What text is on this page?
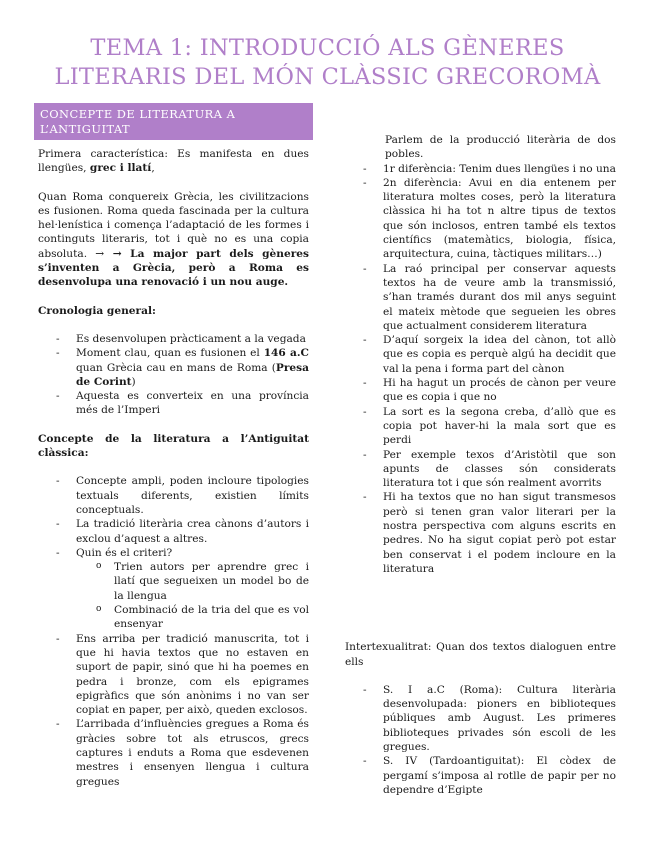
TEMA 1: INTRODUCCIÓ ALS GÈNERES
LITERARIS DEL MÓN CLÀSSIC GRECOROMÀ
CONCEPTE DE LITERATURA A L’ANTIGUITAT

Primera característica: Es manifesta en dues llengües, grec i llatí,

Quan Roma conquereix Grècia, les civilitzacions es fusionen. Roma queda fascinada per la cultura hel·lenística i comença l’adaptació de les formes i continguts literaris, tot i què no es una copia absoluta. → → La major part dels gèneres s’inventen a Grècia, però a Roma es desenvolupa una renovació i un nou auge.

Cronologia general:

- Es desenvolupen pràcticament a la vegada
- Moment clau, quan es fusionen el 146 a.C quan Grècia cau en mans de Roma (Presa de Corint)
- Aquesta es converteix en una província més de l’Imperi

Concepte de la literatura a l’Antiguitat clàssica:

- Concepte ampli, poden incloure tipologies textuals diferents, existien límits conceptuals.
- La tradició literària crea cànons d’autors i exclou d’aquest a altres.
- Quin és el criteri?
o Trien autors per aprendre grec i llatí que segueixen un model bo de la llengua
o Combinació de la tria del que es vol ensenyar
- Ens arriba per tradició manuscrita, tot i que hi havia textos que no estaven en suport de papir, sinó que hi ha poemes en pedra i bronze, com els epigrames epigràfics que són anònims i no van ser copiat en paper, per això, queden exclosos.
- L’arribada d’influències gregues a Roma és gràcies sobre tot als etruscos, grecs captures i enduts a Roma que esdevenen mestres i ensenyen llengua i cultura gregues
Parlem de la producció literària de dos pobles.
- 1r diferència: Tenim dues llengües i no una
- 2n diferència: Avui en dia entenem per literatura moltes coses, però la literatura clàssica hi ha tot n altre tipus de textos que són inclosos, entren també els textos científics (matemàtics, biologia, física, arquitectura, cuina, tàctiques militars…)
- La raó principal per conservar aquests textos ha de veure amb la transmissió, s’han tramés durant dos mil anys seguint el mateix mètode que segueien les obres que actualment considerem literatura
- D’aquí sorgeix la idea del cànon, tot allò que es copia es perquè algú ha decidit que val la pena i forma part del cànon
- Hi ha hagut un procés de cànon per veure que es copia i que no
- La sort es la segona creba, d’allò que es copia pot haver-hi la mala sort que es perdi
- Per exemple texos d’Aristòtil que son apunts de classes són considerats literatura tot i que són realment avorrits
- Hi ha textos que no han sigut transmesos però si tenen gran valor literari per la nostra perspectiva com alguns escrits en pedres. No ha sigut copiat però pot estar ben conservat i el podem incloure en la literatura

Intertexualitrat: Quan dos textos dialoguen entre ells

- S. I a.C (Roma): Cultura literària desenvolupada: pioners en biblioteques públiques amb August. Les primeres biblioteques privades són escoli de les gregues.
- S. IV (Tardoantiguitat): El còdex de pergamí s’imposa al rotlle de papir per no dependre d’Egipte
